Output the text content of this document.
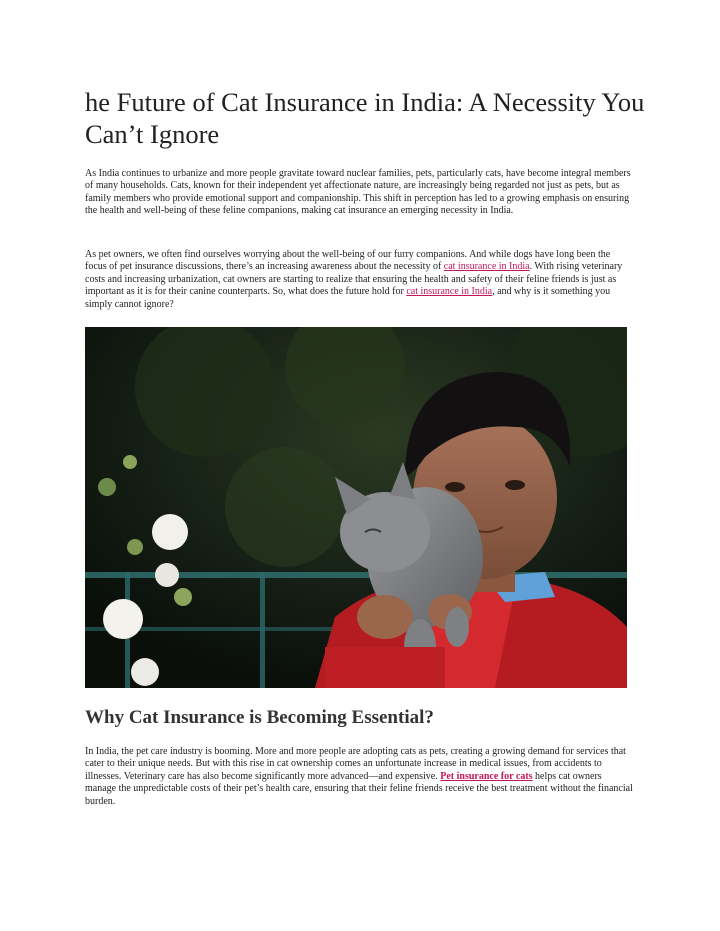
he Future of Cat Insurance in India: A Necessity You Can’t Ignore

As India continues to urbanize and more people gravitate toward nuclear families, pets, particularly cats, have become integral members of many households. Cats, known for their independent yet affectionate nature, are increasingly being regarded not just as pets, but as family members who provide emotional support and companionship. This shift in perception has led to a growing emphasis on ensuring the health and well-being of these feline companions, making cat insurance an emerging necessity in India.

As pet owners, we often find ourselves worrying about the well-being of our furry companions. And while dogs have long been the focus of pet insurance discussions, there’s an increasing awareness about the necessity of cat insurance in India. With rising veterinary costs and increasing urbanization, cat owners are starting to realize that ensuring the health and safety of their feline friends is just as important as it is for their canine counterparts. So, what does the future hold for cat insurance in India, and why is it something you simply cannot ignore?

Why Cat Insurance is Becoming Essential?

In India, the pet care industry is booming. More and more people are adopting cats as pets, creating a growing demand for services that cater to their unique needs. But with this rise in cat ownership comes an unfortunate increase in medical issues, from accidents to illnesses. Veterinary care has also become significantly more advanced—and expensive. Pet insurance for cats helps cat owners manage the unpredictable costs of their pet’s health care, ensuring that their feline friends receive the best treatment without the financial burden.
